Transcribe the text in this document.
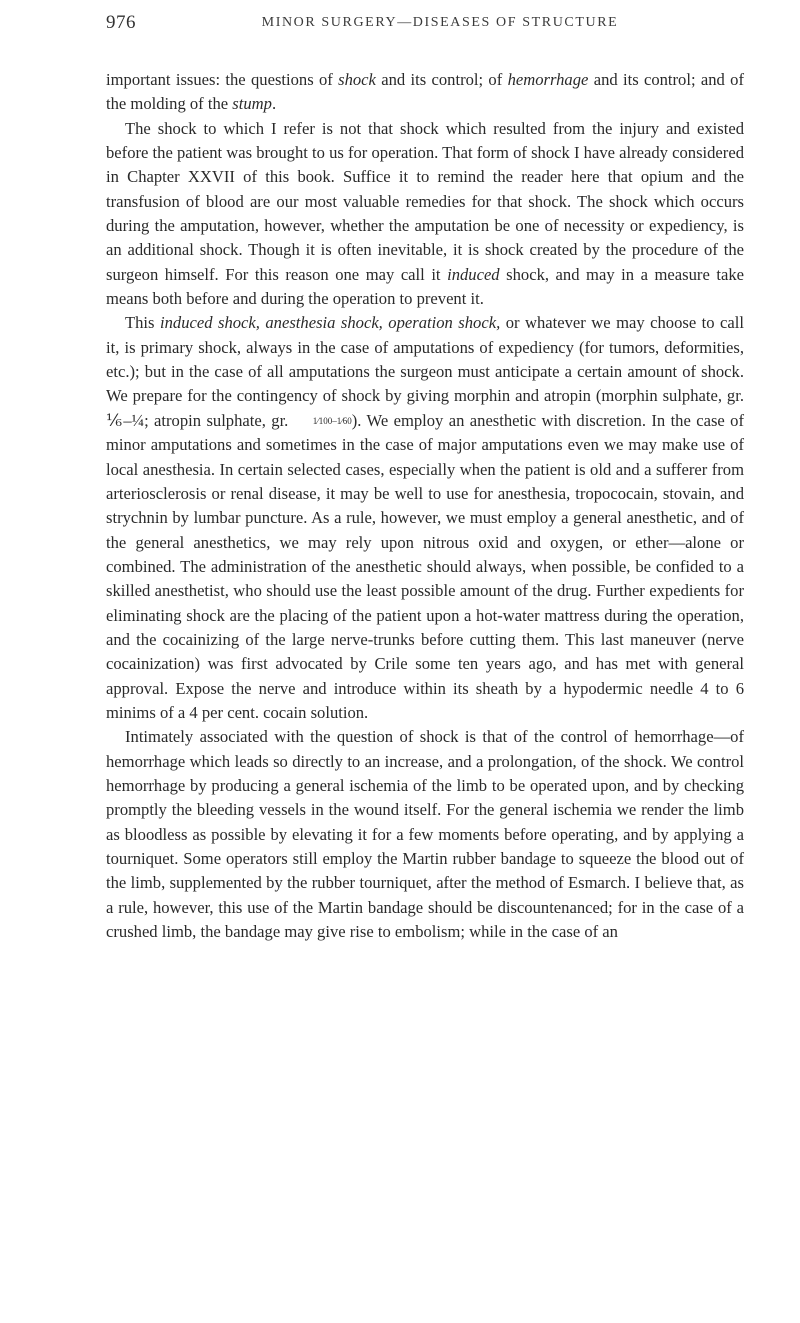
976	MINOR SURGERY—DISEASES OF STRUCTURE

important issues: the questions of shock and its control; of hemorrhage and its control; and of the molding of the stump.

The shock to which I refer is not that shock which resulted from the injury and existed before the patient was brought to us for operation. That form of shock I have already considered in Chapter XXVII of this book. Suffice it to remind the reader here that opium and the transfusion of blood are our most valuable remedies for that shock. The shock which occurs during the amputation, however, whether the amputation be one of necessity or expediency, is an additional shock. Though it is often inevitable, it is shock created by the procedure of the surgeon himself. For this reason one may call it induced shock, and may in a measure take means both before and during the operation to prevent it.

This induced shock, anesthesia shock, operation shock, or whatever we may choose to call it, is primary shock, always in the case of amputations of expediency (for tumors, deformities, etc.); but in the case of all amputations the surgeon must anticipate a certain amount of shock. We prepare for the contingency of shock by giving morphin and atropin (morphin sulphate, gr. ⅙–¼; atropin sulphate, gr. 1⁄100–1⁄60). We employ an anesthetic with discretion. In the case of minor amputations and sometimes in the case of major amputations even we may make use of local anesthesia. In certain selected cases, especially when the patient is old and a sufferer from arteriosclerosis or renal disease, it may be well to use for anesthesia, tropococain, stovain, and strychnin by lumbar puncture. As a rule, however, we must employ a general anesthetic, and of the general anesthetics, we may rely upon nitrous oxid and oxygen, or ether—alone or combined. The administration of the anesthetic should always, when possible, be confided to a skilled anesthetist, who should use the least possible amount of the drug. Further expedients for eliminating shock are the placing of the patient upon a hot-water mattress during the operation, and the cocainizing of the large nerve-trunks before cutting them. This last maneuver (nerve cocainization) was first advocated by Crile some ten years ago, and has met with general approval. Expose the nerve and introduce within its sheath by a hypodermic needle 4 to 6 minims of a 4 per cent. cocain solution.

Intimately associated with the question of shock is that of the control of hemorrhage—of hemorrhage which leads so directly to an increase, and a prolongation, of the shock. We control hemorrhage by producing a general ischemia of the limb to be operated upon, and by checking promptly the bleeding vessels in the wound itself. For the general ischemia we render the limb as bloodless as possible by elevating it for a few moments before operating, and by applying a tourniquet. Some operators still employ the Martin rubber bandage to squeeze the blood out of the limb, supplemented by the rubber tourniquet, after the method of Esmarch. I believe that, as a rule, however, this use of the Martin bandage should be discountenanced; for in the case of a crushed limb, the bandage may give rise to embolism; while in the case of an
